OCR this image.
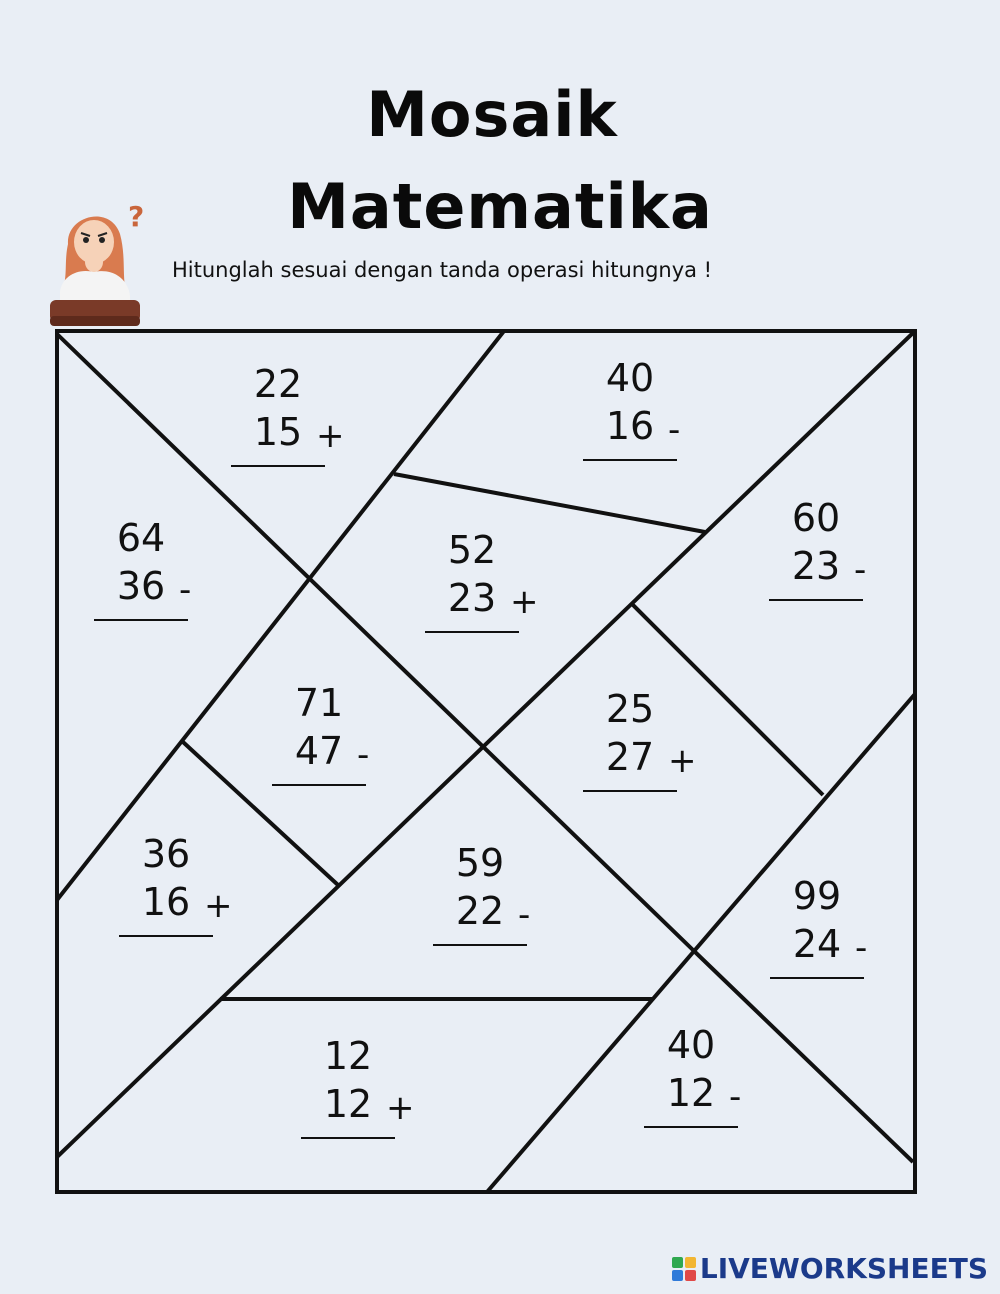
Mosaik
Matematika

Hitunglah sesuai dengan tanda operasi hitungnya !

?
22
15 +
40
16 -
64
36 -
52
23 +
60
23 -
71
47 -
25
27 +
36
16 +
59
22 -	99
24 -
12
12 +
40
12 -
LIVEWORKSHEETS
